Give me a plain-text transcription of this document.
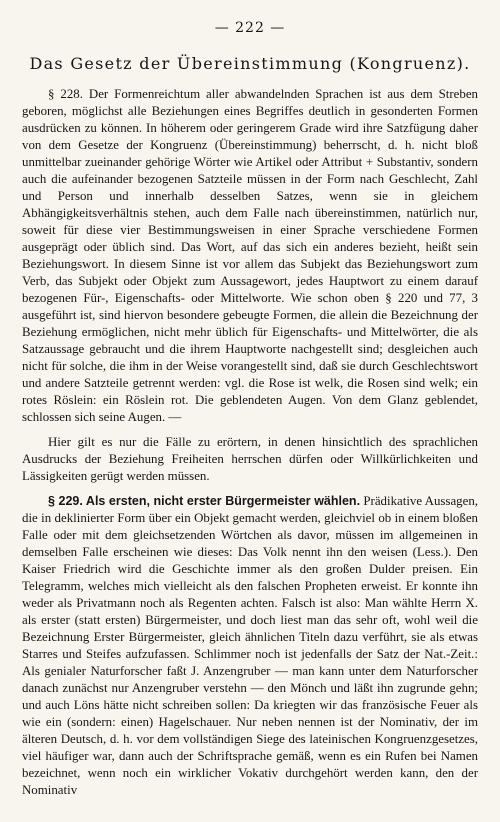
— 222 —
Das Gesetz der Übereinstimmung (Kongruenz).

§ 228. Der Formenreichtum aller abwandelnden Sprachen ist aus dem Streben geboren, möglichst alle Beziehungen eines Begriffes deutlich in gesonderten Formen ausdrücken zu können. In höherem oder geringerem Grade wird ihre Satzfügung daher von dem Gesetze der Kongruenz (Übereinstimmung) beherrscht, d. h. nicht bloß unmittelbar zueinander gehörige Wörter wie Artikel oder Attribut + Substantiv, sondern auch die aufeinander bezogenen Satzteile müssen in der Form nach Geschlecht, Zahl und Person und innerhalb desselben Satzes, wenn sie in gleichem Abhängigkeitsverhältnis stehen, auch dem Falle nach übereinstimmen, natürlich nur, soweit für diese vier Bestimmungsweisen in einer Sprache verschiedene Formen ausgeprägt oder üblich sind. Das Wort, auf das sich ein anderes bezieht, heißt sein Beziehungswort. In diesem Sinne ist vor allem das Subjekt das Beziehungswort zum Verb, das Subjekt oder Objekt zum Aussagewort, jedes Hauptwort zu einem darauf bezogenen Für-, Eigenschafts- oder Mittelworte. Wie schon oben § 220 und 77, 3 ausgeführt ist, sind hiervon besondere gebeugte Formen, die allein die Bezeichnung der Beziehung ermöglichen, nicht mehr üblich für Eigenschafts- und Mittelwörter, die als Satzaussage gebraucht und die ihrem Hauptworte nachgestellt sind; desgleichen auch nicht für solche, die ihm in der Weise vorangestellt sind, daß sie durch Geschlechtswort und andere Satzteile getrennt werden: vgl. die Rose ist welk, die Rosen sind welk; ein rotes Röslein: ein Röslein rot. Die geblendeten Augen. Von dem Glanz geblendet, schlossen sich seine Augen. —

Hier gilt es nur die Fälle zu erörtern, in denen hinsichtlich des sprachlichen Ausdrucks der Beziehung Freiheiten herrschen dürfen oder Willkürlichkeiten und Lässigkeiten gerügt werden müssen.

§ 229. Als ersten, nicht erster Bürgermeister wählen. Prädikative Aussagen, die in deklinierter Form über ein Objekt gemacht werden, gleichviel ob in einem bloßen Falle oder mit dem gleichsetzenden Wörtchen als davor, müssen im allgemeinen in demselben Falle erscheinen wie dieses: Das Volk nennt ihn den weisen (Less.). Den Kaiser Friedrich wird die Geschichte immer als den großen Dulder preisen. Ein Telegramm, welches mich vielleicht als den falschen Propheten erweist. Er konnte ihn weder als Privatmann noch als Regenten achten. Falsch ist also: Man wählte Herrn X. als erster (statt ersten) Bürgermeister, und doch liest man das sehr oft, wohl weil die Bezeichnung Erster Bürgermeister, gleich ähnlichen Titeln dazu verführt, sie als etwas Starres und Steifes aufzufassen. Schlimmer noch ist jedenfalls der Satz der Nat.-Zeit.: Als genialer Naturforscher faßt J. Anzengruber — man kann unter dem Naturforscher danach zunächst nur Anzengruber verstehn — den Mönch und läßt ihn zugrunde gehn; und auch Löns hätte nicht schreiben sollen: Da kriegten wir das französische Feuer als wie ein (sondern: einen) Hagelschauer. Nur neben nennen ist der Nominativ, der im älteren Deutsch, d. h. vor dem vollständigen Siege des lateinischen Kongruenzgesetzes, viel häufiger war, dann auch der Schriftsprache gemäß, wenn es ein Rufen bei Namen bezeichnet, wenn noch ein wirklicher Vokativ durchgehört werden kann, den der Nominativ
